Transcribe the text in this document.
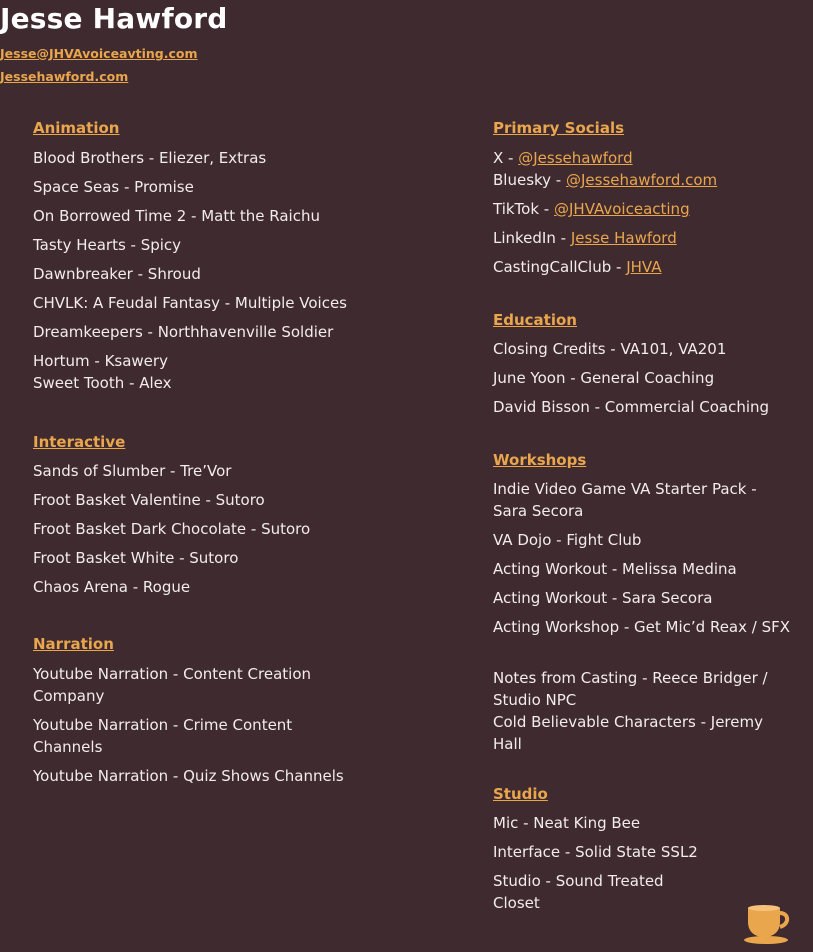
Jesse Hawford
Jesse@JHVAvoiceavting.com
Jessehawford.com
Animation
Blood Brothers - Eliezer, Extras
Space Seas - Promise
On Borrowed Time 2 - Matt the Raichu
Tasty Hearts - Spicy
Dawnbreaker - Shroud
CHVLK: A Feudal Fantasy - Multiple Voices
Dreamkeepers - Northhavenville Soldier
Hortum - Ksawery
Sweet Tooth - Alex
Interactive
Sands of Slumber - Tre’Vor
Froot Basket Valentine - Sutoro
Froot Basket Dark Chocolate - Sutoro
Froot Basket White - Sutoro
Chaos Arena - Rogue
Narration
Youtube Narration - Content Creation Company
Youtube Narration - Crime Content Channels
Youtube Narration - Quiz Shows Channels
Primary Socials
X - @Jessehawford
Bluesky - @Jessehawford.com
TikTok - @JHVAvoiceacting
LinkedIn - Jesse Hawford
CastingCallClub - JHVA
Education
Closing Credits - VA101, VA201
June Yoon - General Coaching
David Bisson - Commercial Coaching
Workshops
Indie Video Game VA Starter Pack - Sara Secora
VA Dojo - Fight Club
Acting Workout - Melissa Medina
Acting Workout - Sara Secora
Acting Workshop - Get Mic’d Reax / SFX
Notes from Casting - Reece Bridger / Studio NPC
Cold Believable Characters - Jeremy Hall
Studio
Mic - Neat King Bee
Interface - Solid State SSL2
Studio - Sound Treated Closet
